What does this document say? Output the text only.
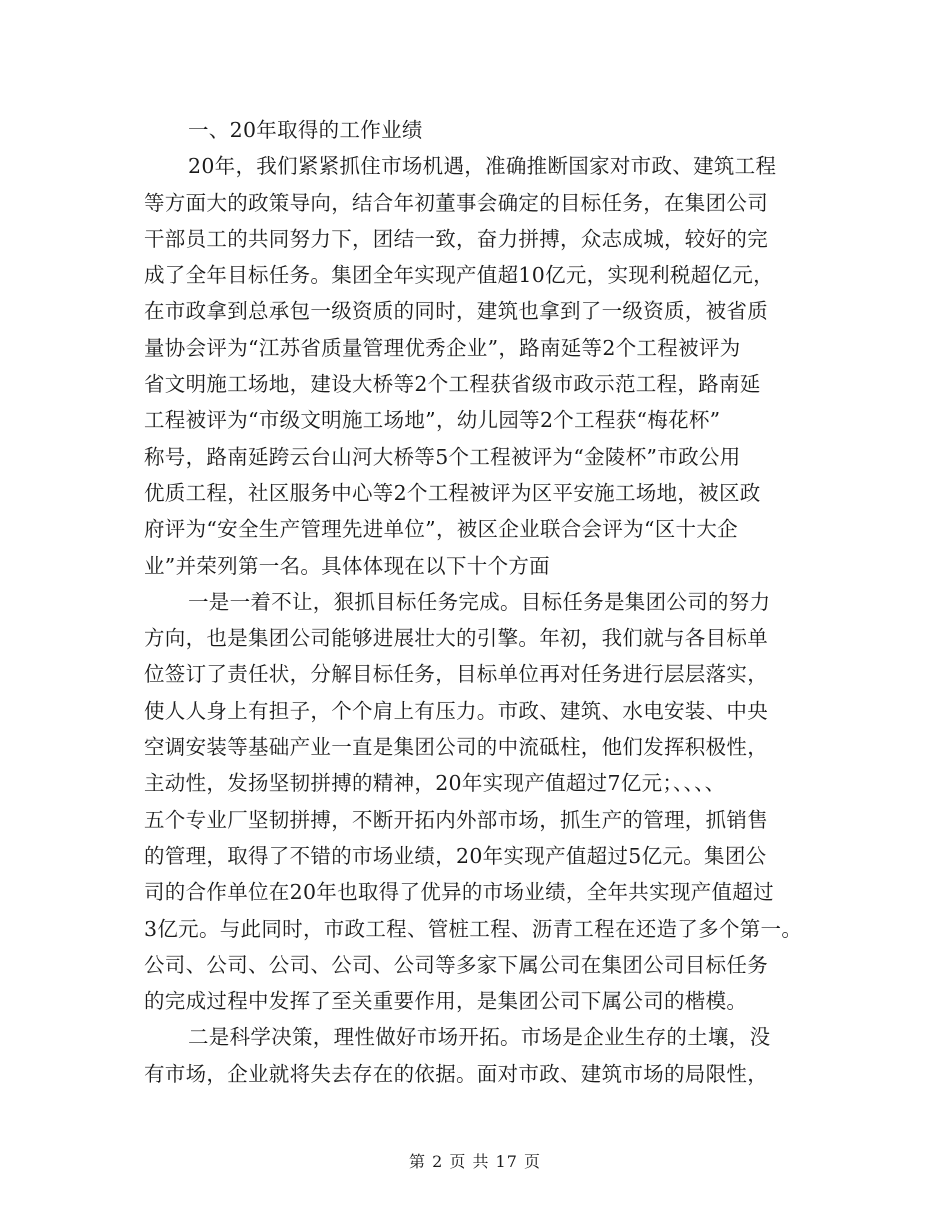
一、20年取得的工作业绩
20年，我们紧紧抓住市场机遇，准确推断国家对市政、建筑工程
等方面大的政策导向，结合年初董事会确定的目标任务，在集团公司
干部员工的共同努力下，团结一致，奋力拼搏，众志成城，较好的完
成了全年目标任务。集团全年实现产值超10亿元，实现利税超亿元，
在市政拿到总承包一级资质的同时，建筑也拿到了一级资质，被省质
量协会评为“江苏省质量管理优秀企业”，路南延等2个工程被评为
省文明施工场地，建设大桥等2个工程获省级市政示范工程，路南延
工程被评为“市级文明施工场地”，幼儿园等2个工程获“梅花杯”
称号，路南延跨云台山河大桥等5个工程被评为“金陵杯”市政公用
优质工程，社区服务中心等2个工程被评为区平安施工场地，被区政
府评为“安全生产管理先进单位”，被区企业联合会评为“区十大企
业”并荣列第一名。具体体现在以下十个方面
一是一着不让，狠抓目标任务完成。目标任务是集团公司的努力
方向，也是集团公司能够进展壮大的引擎。年初，我们就与各目标单
位签订了责任状，分解目标任务，目标单位再对任务进行层层落实，
使人人身上有担子，个个肩上有压力。市政、建筑、水电安装、中央
空调安装等基础产业一直是集团公司的中流砥柱，他们发挥积极性，
主动性，发扬坚韧拼搏的精神，20年实现产值超过7亿元；、、、、
五个专业厂坚韧拼搏，不断开拓内外部市场，抓生产的管理，抓销售
的管理，取得了不错的市场业绩，20年实现产值超过5亿元。集团公
司的合作单位在20年也取得了优异的市场业绩，全年共实现产值超过
3亿元。与此同时，市政工程、管桩工程、沥青工程在还造了多个第一。
公司、公司、公司、公司、公司等多家下属公司在集团公司目标任务
的完成过程中发挥了至关重要作用，是集团公司下属公司的楷模。
二是科学决策，理性做好市场开拓。市场是企业生存的土壤，没
有市场，企业就将失去存在的依据。面对市政、建筑市场的局限性，
第 2 页 共 17 页
